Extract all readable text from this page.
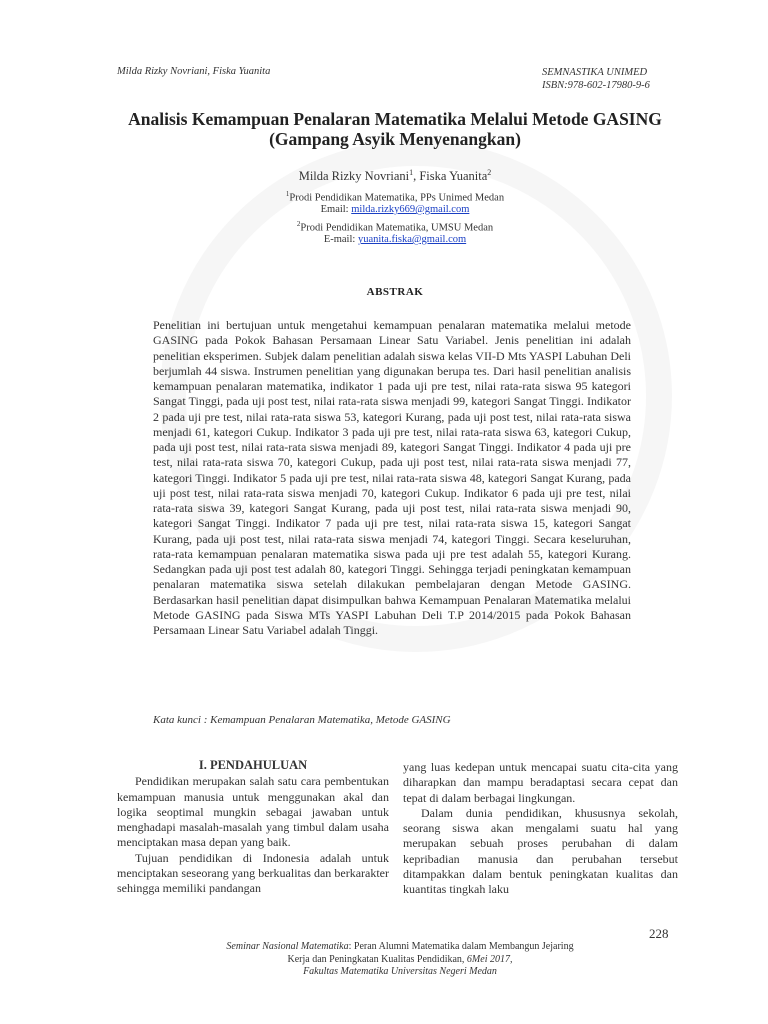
Milda Rizky Novriani, Fiska Yuanita	SEMNASTIKA UNIMED
ISBN:978-602-17980-9-6
Analisis Kemampuan Penalaran Matematika Melalui Metode GASING
(Gampang Asyik Menyenangkan)
Milda Rizky Novriani$^1$, Fiska Yuanita$^2$
$^1$Prodi Pendidikan Matematika, PPs Unimed Medan
Email: milda.rizky669@gmail.com
$^2$Prodi Pendidikan Matematika, UMSU Medan
E-mail: yuanita.fiska@gmail.com
ABSTRAK

Penelitian ini bertujuan untuk mengetahui kemampuan penalaran matematika melalui metode GASING pada Pokok Bahasan Persamaan Linear Satu Variabel. Jenis penelitian ini adalah penelitian eksperimen. Subjek dalam penelitian adalah siswa kelas VII-D Mts YASPI Labuhan Deli berjumlah 44 siswa. Instrumen penelitian yang digunakan berupa tes. Dari hasil penelitian analisis kemampuan penalaran matematika, indikator 1 pada uji pre test, nilai rata-rata siswa 95 kategori Sangat Tinggi, pada uji post test, nilai rata-rata siswa menjadi 99, kategori Sangat Tinggi. Indikator 2 pada uji pre test, nilai rata-rata siswa 53, kategori Kurang, pada uji post test, nilai rata-rata siswa menjadi 61, kategori Cukup. Indikator 3 pada uji pre test, nilai rata-rata siswa 63, kategori Cukup, pada uji post test, nilai rata-rata siswa menjadi 89, kategori Sangat Tinggi. Indikator 4 pada uji pre test, nilai rata-rata siswa 70, kategori Cukup, pada uji post test, nilai rata-rata siswa menjadi 77, kategori Tinggi. Indikator 5 pada uji pre test, nilai rata-rata siswa 48, kategori Sangat Kurang, pada uji post test, nilai rata-rata siswa menjadi 70, kategori Cukup. Indikator 6 pada uji pre test, nilai rata-rata siswa 39, kategori Sangat Kurang, pada uji post test, nilai rata-rata siswa menjadi 90, kategori Sangat Tinggi. Indikator 7 pada uji pre test, nilai rata-rata siswa 15, kategori Sangat Kurang, pada uji post test, nilai rata-rata siswa menjadi 74, kategori Tinggi. Secara keseluruhan, rata-rata kemampuan penalaran matematika siswa pada uji pre test adalah 55, kategori Kurang. Sedangkan pada uji post test adalah 80, kategori Tinggi. Sehingga terjadi peningkatan kemampuan penalaran matematika siswa setelah dilakukan pembelajaran dengan Metode GASING. Berdasarkan hasil penelitian dapat disimpulkan bahwa Kemampuan Penalaran Matematika melalui Metode GASING pada Siswa MTs YASPI Labuhan Deli T.P 2014/2015 pada Pokok Bahasan Persamaan Linear Satu Variabel adalah Tinggi.

Kata kunci : Kemampuan Penalaran Matematika, Metode GASING
I. PENDAHULUAN

Pendidikan merupakan salah satu cara pembentukan kemampuan manusia untuk menggunakan akal dan logika seoptimal mungkin sebagai jawaban untuk menghadapi masalah-masalah yang timbul dalam usaha menciptakan masa depan yang baik.

Tujuan pendidikan di Indonesia adalah untuk menciptakan seseorang yang berkualitas dan berkarakter sehingga memiliki pandangan

yang luas kedepan untuk mencapai suatu cita-cita yang diharapkan dan mampu beradaptasi secara cepat dan tepat di dalam berbagai lingkungan.

Dalam dunia pendidikan, khususnya sekolah, seorang siswa akan mengalami suatu hal yang merupakan sebuah proses perubahan di dalam kepribadian manusia dan perubahan tersebut ditampakkan dalam bentuk peningkatan kualitas dan kuantitas tingkah laku

228
Seminar Nasional Matematika: Peran Alumni Matematika dalam Membangun Jejaring
Kerja dan Peningkatan Kualitas Pendidikan, 6Mei 2017,
Fakultas Matematika Universitas Negeri Medan
